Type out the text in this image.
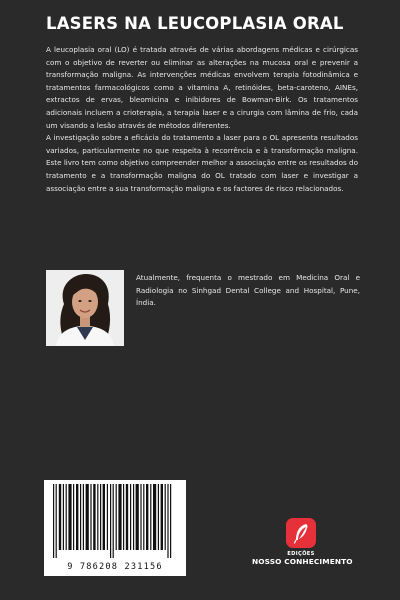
LASERS NA LEUCOPLASIA ORAL

A leucoplasia oral (LO) é tratada através de várias abordagens médicas e cirúrgicas com o objetivo de reverter ou eliminar as alterações na mucosa oral e prevenir a transformação maligna. As intervenções médicas envolvem terapia fotodinâmica e tratamentos farmacológicos como a vitamina A, retinóides, beta-caroteno, AINEs, extractos de ervas, bleomicina e inibidores de Bowman-Birk. Os tratamentos adicionais incluem a crioterapia, a terapia laser e a cirurgia com lâmina de frio, cada um visando a lesão através de métodos diferentes.

A investigação sobre a eficácia do tratamento a laser para o OL apresenta resultados variados, particularmente no que respeita à recorrência e à transformação maligna. Este livro tem como objetivo compreender melhor a associação entre os resultados do tratamento e a transformação maligna do OL tratado com laser e investigar a associação entre a sua transformação maligna e os factores de risco relacionados.

Atualmente, frequenta o mestrado em Medicina Oral e Radiologia no Sinhgad Dental College and Hospital, Pune, Índia.
9 786208 231156
EDIÇÕES
NOSSO CONHECIMENTO
